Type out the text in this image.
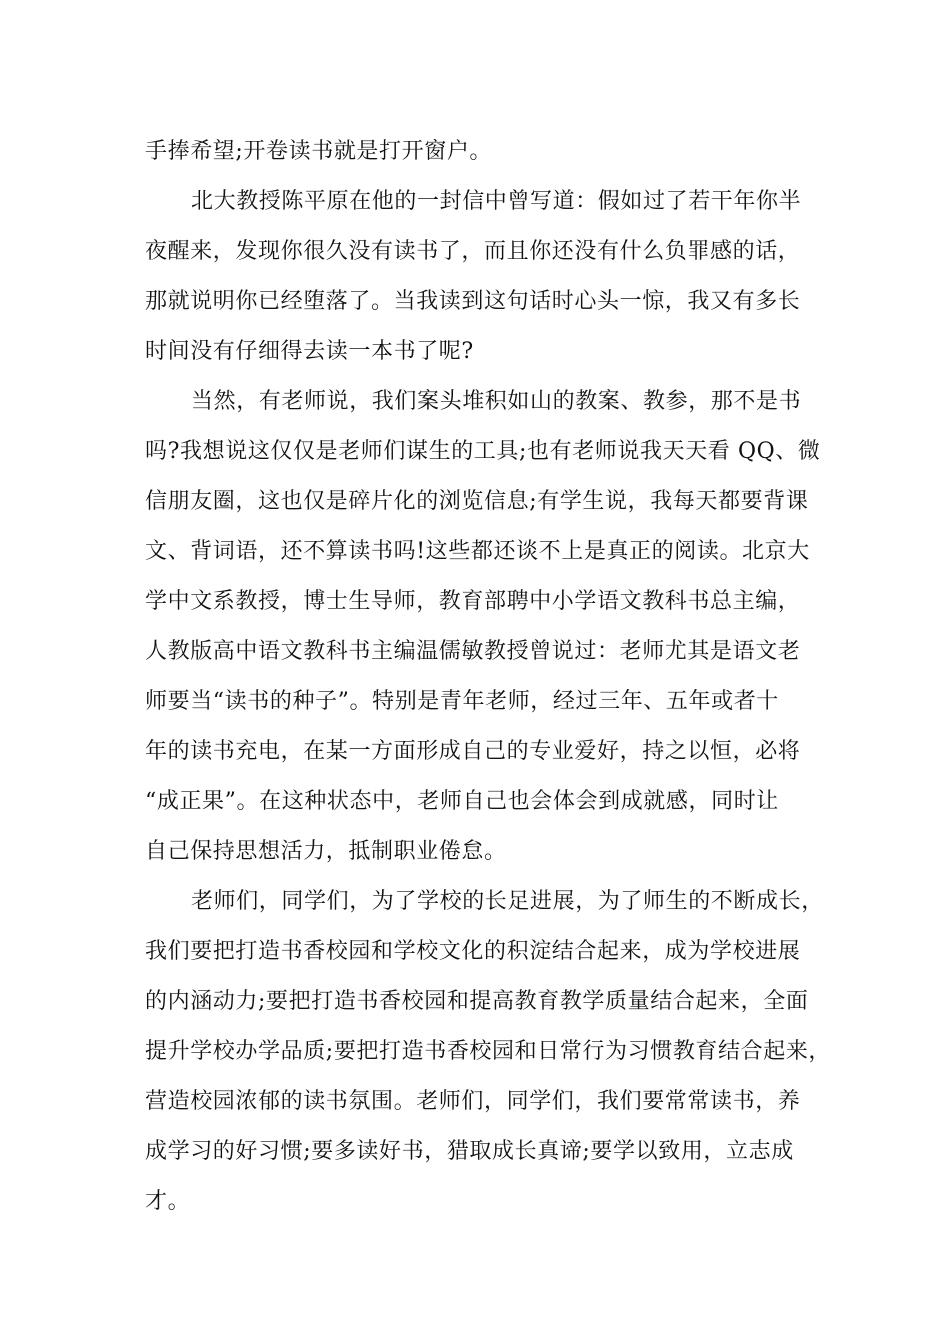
手捧希望;开卷读书就是打开窗户。
北大教授陈平原在他的一封信中曾写道：假如过了若干年你半
夜醒来，发现你很久没有读书了，而且你还没有什么负罪感的话，
那就说明你已经堕落了。当我读到这句话时心头一惊，我又有多长
时间没有仔细得去读一本书了呢?
当然，有老师说，我们案头堆积如山的教案、教参，那不是书
吗?我想说这仅仅是老师们谋生的工具;也有老师说我天天看 QQ、微
信朋友圈，这也仅是碎片化的浏览信息;有学生说，我每天都要背课
文、背词语，还不算读书吗!这些都还谈不上是真正的阅读。北京大
学中文系教授，博士生导师，教育部聘中小学语文教科书总主编，
人教版高中语文教科书主编温儒敏教授曾说过：老师尤其是语文老
师要当“读书的种子”。特别是青年老师，经过三年、五年或者十
年的读书充电，在某一方面形成自己的专业爱好，持之以恒，必将
“成正果”。在这种状态中，老师自己也会体会到成就感，同时让
自己保持思想活力，抵制职业倦怠。
老师们，同学们，为了学校的长足进展，为了师生的不断成长，
我们要把打造书香校园和学校文化的积淀结合起来，成为学校进展
的内涵动力;要把打造书香校园和提高教育教学质量结合起来，全面
提升学校办学品质;要把打造书香校园和日常行为习惯教育结合起来，
营造校园浓郁的读书氛围。老师们，同学们，我们要常常读书，养
成学习的好习惯;要多读好书，猎取成长真谛;要学以致用，立志成
才。
